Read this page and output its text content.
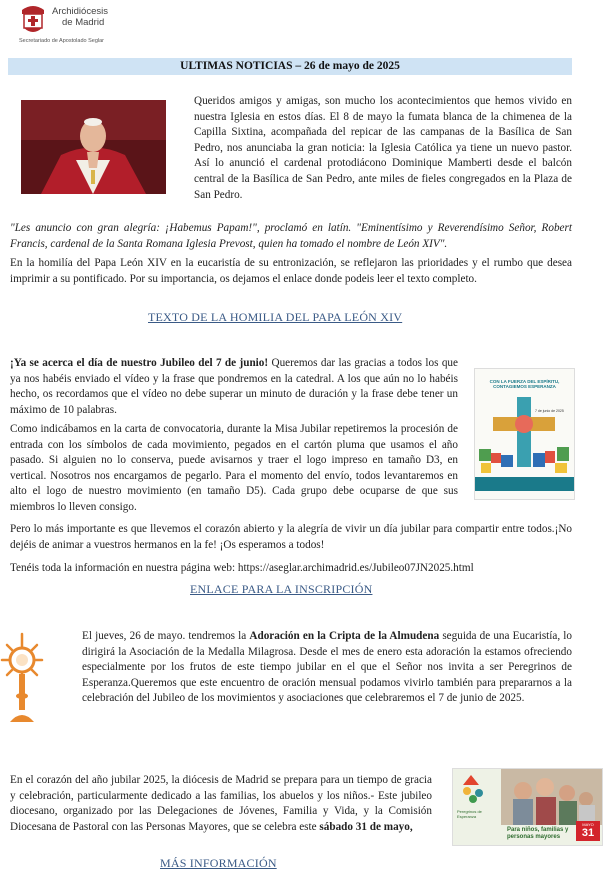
Archidiócesis
de Madrid
Secretariado de Apostolado Seglar
ULTIMAS NOTICIAS – 26 de mayo de 2025

Queridos amigos y amigas, son mucho los acontecimientos que hemos vivido en nuestra Iglesia en estos días. El 8 de mayo la fumata blanca de la chimenea de la Capilla Sixtina, acompañada del repicar de las campanas de la Basílica de San Pedro, nos anunciaba la gran noticia: la Iglesia Católica ya tiene un nuevo pastor. Así lo anunció el cardenal protodiácono Dominique Mamberti desde el balcón central de la Basílica de San Pedro, ante miles de fieles congregados en la Plaza de San Pedro.

"Les anuncio con gran alegría: ¡Habemus Papam!", proclamó en latín. "Eminentísimo y Reverendísimo Señor, Robert Francis, cardenal de la Santa Romana Iglesia Prevost, quien ha tomado el nombre de León XIV".

En la homilía del Papa León XIV en la eucaristía de su entronización, se reflejaron las prioridades y el rumbo que desea imprimir a su pontificado. Por su importancia, os dejamos el enlace donde podeis leer el texto completo.

TEXTO DE LA HOMILIA DEL PAPA LEÓN XIV

¡Ya se acerca el día de nuestro Jubileo del 7 de junio! Queremos dar las gracias a todos los que ya nos habéis enviado el vídeo y la frase que pondremos en la catedral. A los que aún no lo habéis hecho, os recordamos que el vídeo no debe superar un minuto de duración y la frase debe tener un máximo de 10 palabras.

Como indicábamos en la carta de convocatoria, durante la Misa Jubilar repetiremos la procesión de entrada con los símbolos de cada movimiento, pegados en el cartón pluma que usamos el año pasado. Si alguien no lo conserva, puede avisarnos y traer el logo impreso en tamaño D3, en vertical. Nosotros nos encargamos de pegarlo. Para el momento del envío, todos levantaremos en alto el logo de nuestro movimiento (en tamaño D5). Cada grupo debe ocuparse de que sus miembros lo lleven consigo.

CON LA FUERZA DEL ESPÍRITU,
CONTAGIEMOS ESPERANZA
7 de junio de 2025

Pero lo más importante es que llevemos el corazón abierto y la alegría de vivir un día jubilar para compartir entre todos.¡No dejéis de animar a vuestros hermanos en la fe! ¡Os esperamos a todos!

Tenéis toda la información en nuestra página web: https://aseglar.archimadrid.es/Jubileo07JN2025.html

ENLACE PARA LA INSCRIPCIÓN

El jueves, 26 de mayo. tendremos la Adoración en la Cripta de la Almudena seguida de una Eucaristía, lo dirigirá la Asociación de la Medalla Milagrosa. Desde el mes de enero esta adoración la estamos ofreciendo especialmente por los frutos de este tiempo jubilar en el que el Señor nos invita a ser Peregrinos de Esperanza.Queremos que este encuentro de oración mensual podamos vivirlo también para prepararnos a la celebración del Jubileo de los movimientos y asociaciones que celebraremos el 7 de junio de 2025.

En el corazón del año jubilar 2025, la diócesis de Madrid se prepara para un tiempo de gracia y celebración, particularmente dedicado a las familias, los abuelos y los niños.- Este jubileo diocesano, organizado por las Delegaciones de Jóvenes, Familia y Vida, y la Comisión Diocesana de Pastoral con las Personas Mayores, que se celebra este sábado 31 de mayo,

MÁS INFORMACIÓN
Peregrinos de Esperanza
Para niños, familias y personas mayores
MAYO
31
